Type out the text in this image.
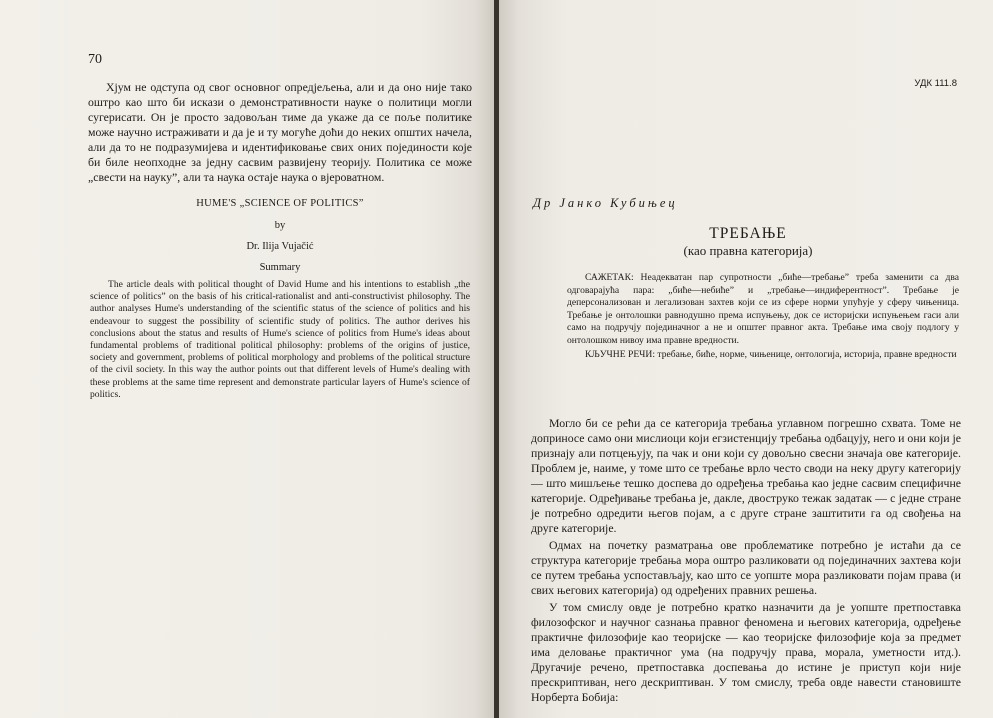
70

Хјум не одступа од свог основног опредјељења, али и да оно није тако оштро као што би искази о демонстративности науке о политици могли сугерисати. Он је просто задовољан тиме да укаже да се поље политике може научно истраживати и да је и ту могуће доћи до неких општих начела, али да то не подразумијева и идентификовање свих оних појединости које би биле неопходне за једну сасвим развијену теорију. Политика се може „свести на науку”, али та наука остаје наука о вјероватном.

HUME'S „SCIENCE OF POLITICS”
by
Dr. Ilija Vujačić
Summary

The article deals with political thought of David Hume and his intentions to establish „the science of politics” on the basis of his critical-rationalist and anti-constructivist philosophy. The author analyses Hume's understanding of the scientific status of the science of politics and his endeavour to suggest the possibility of scientific study of politics. The author derives his conclusions about the status and results of Hume's science of politics from Hume's ideas about fundamental problems of traditional political philosophy: problems of the origins of justice, society and government, problems of political morphology and problems of the political structure of the civil society. In this way the author points out that different levels of Hume's dealing with these problems at the same time represent and demonstrate particular layers of Hume's science of politics.

УДК 111.8
Др Јанко Кубињец
ТРЕБАЊЕ
(као правна категорија)

САЖЕТАК: Неадекватан пар супротности „биће—требање” треба заменити са два одговарајућа пара: „биће—небиће” и „требање—индиферентност”. Требање је деперсонализован и легализован захтев који се из сфере норми упућује у сферу чињеница. Требање је онтолошки равнодушно према испуњењу, док се историјски испуњењем гаси али само на подручју појединачног а не и општег правног акта. Требање има своју подлогу у онтолошком нивоу има правне вредности.

КЉУЧНЕ РЕЧИ: требање, биће, норме, чињенице, онтологија, историја, правне вредности

Могло би се рећи да се категорија требања углавном погрешно схвата. Томе не доприносе само они мислиоци који егзистенцију требања одбацују, него и они који је признају али потцењују, па чак и они који су довољно свесни значаја ове категорије. Проблем је, наиме, у томе што се требање врло често своди на неку другу категорију — што мишљење тешко доспева до одређења требања као једне сасвим специфичне категорије. Одређивање требања је, дакле, двоструко тежак задатак — с једне стране је потребно одредити његов појам, а с друге стране заштитити га од свођења на друге категорије.

Одмах на почетку разматрања ове проблематике потребно је истаћи да се структура категорије требања мора оштро разликовати од појединачних захтева који се путем требања успостављају, као што се уопште мора разликовати појам права (и свих његових категорија) од одређених правних решења.

У том смислу овде је потребно кратко назначити да је уопште претпоставка филозофског и научног сазнања правног феномена и његових категорија, одређење практичне филозофије као теоријске — као теоријске филозофије која за предмет има деловање практичног ума (на подручју права, морала, уметности итд.). Другачије речено, претпоставка доспевања до истине је приступ који није прескриптиван, него дескриптиван. У том смислу, треба овде навести становиште Норберта Бобија:
